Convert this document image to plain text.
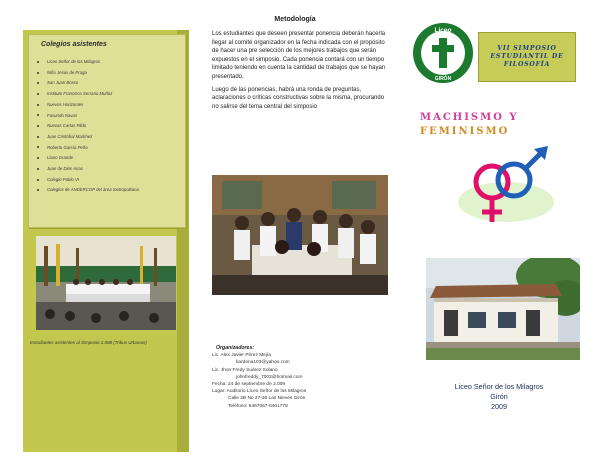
Colegios asistentes
Liceo Señor de los Milagros
Niño Jesús de Praga
San Juan Bosco
Instituto Francisco Serrano Muñoz
Nuevos Horizontes
Facundo Navas
Nuevas Cartas Pildo
Juan Cristóbal Martínez
Roberto García Peña
Llano Grande
Juan de Dios Arias
Colegio Pablo VI
Colegios de ANDERCOP del área metropolitana
Estudiantes asistentes al Simposio 2.008 (Tribus Urbanas)
Metodología

Los estudiantes que deseen presentar ponencia deberán hacerla llegar al comité organizador en la fecha indicada con el propósito de hacer una pre selección de los mejores trabajos que serán expuestos en el simposio. Cada ponencia contará con un tiempo limitado teniendo en cuenta la cantidad de trabajos que se hayan presentado.

Luego de las ponencias, habrá una ronda de preguntas, aclaraciones o críticas constructivas sobre la misma, procurando no salirse del tema central del simposio

Organizadores:
Lic. Alex Javier Pérez Mejía
kardena103@yahoo.com
Lic. Jhon Fredy Suárez Solano
johnfreddy_7002@hotmail.com
Fecha: 24 de septiembre de 2.009
Lugar: Auditorio Liceo Señor de los Milagros
Calle 2B No 27-35 Las Nieves Girón
Teléfono: 6467067-6461778
Liceo
GIRÓN
VII SIMPOSIO
ESTUDIANTIL DE
FILOSOFÍA
MACHISMO Y
FEMINISMO
Liceo Señor de los Milagros
Girón
2009
